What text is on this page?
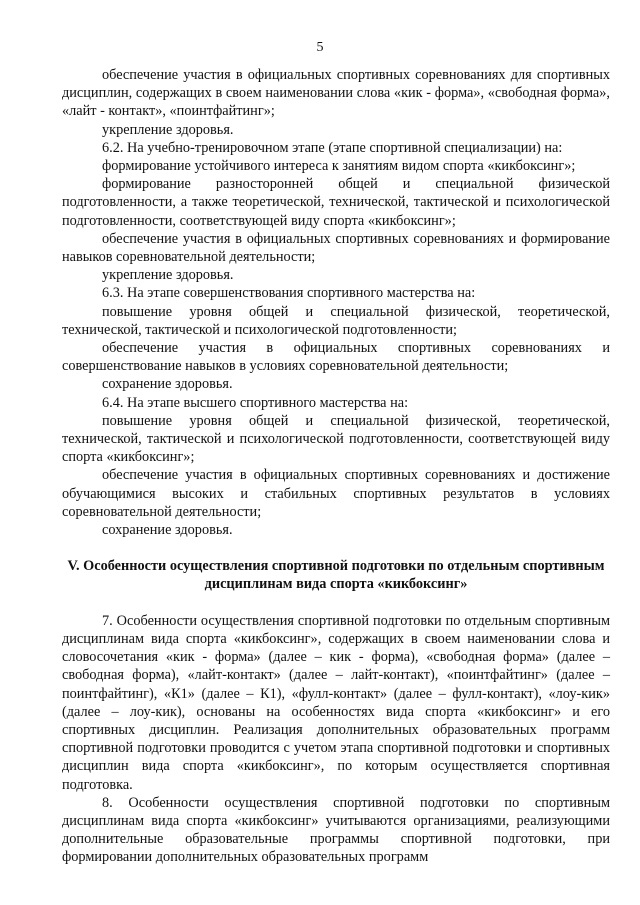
5

обеспечение участия в официальных спортивных соревнованиях для спортивных дисциплин, содержащих в своем наименовании слова «кик - форма», «свободная форма», «лайт - контакт», «поинтфайтинг»;

укрепление здоровья.

6.2. На учебно-тренировочном этапе (этапе спортивной специализации) на:

формирование устойчивого интереса к занятиям видом спорта «кикбоксинг»;

формирование разносторонней общей и специальной физической подготовленности, а также теоретической, технической, тактической и психологической подготовленности, соответствующей виду спорта «кикбоксинг»;

обеспечение участия в официальных спортивных соревнованиях и формирование навыков соревновательной деятельности;

укрепление здоровья.

6.3. На этапе совершенствования спортивного мастерства на:

повышение уровня общей и специальной физической, теоретической, технической, тактической и психологической подготовленности;

обеспечение участия в официальных спортивных соревнованиях и совершенствование навыков в условиях соревновательной деятельности;

сохранение здоровья.

6.4. На этапе высшего спортивного мастерства на:

повышение уровня общей и специальной физической, теоретической, технической, тактической и психологической подготовленности, соответствующей виду спорта «кикбоксинг»;

обеспечение участия в официальных спортивных соревнованиях и достижение обучающимися высоких и стабильных спортивных результатов в условиях соревновательной деятельности;

сохранение здоровья.

V. Особенности осуществления спортивной подготовки по отдельным спортивным дисциплинам вида спорта «кикбоксинг»

7. Особенности осуществления спортивной подготовки по отдельным спортивным дисциплинам вида спорта «кикбоксинг», содержащих в своем наименовании слова и словосочетания «кик - форма» (далее – кик - форма), «свободная форма» (далее – свободная форма), «лайт-контакт» (далее – лайт-контакт), «поинтфайтинг» (далее – поинтфайтинг), «К1» (далее – К1), «фулл-контакт» (далее – фулл-контакт), «лоу-кик» (далее – лоу-кик), основаны на особенностях вида спорта «кикбоксинг» и его спортивных дисциплин. Реализация дополнительных образовательных программ спортивной подготовки проводится с учетом этапа спортивной подготовки и спортивных дисциплин вида спорта «кикбоксинг», по которым осуществляется спортивная подготовка.

8. Особенности осуществления спортивной подготовки по спортивным дисциплинам вида спорта «кикбоксинг» учитываются организациями, реализующими дополнительные образовательные программы спортивной подготовки, при формировании дополнительных образовательных программ
